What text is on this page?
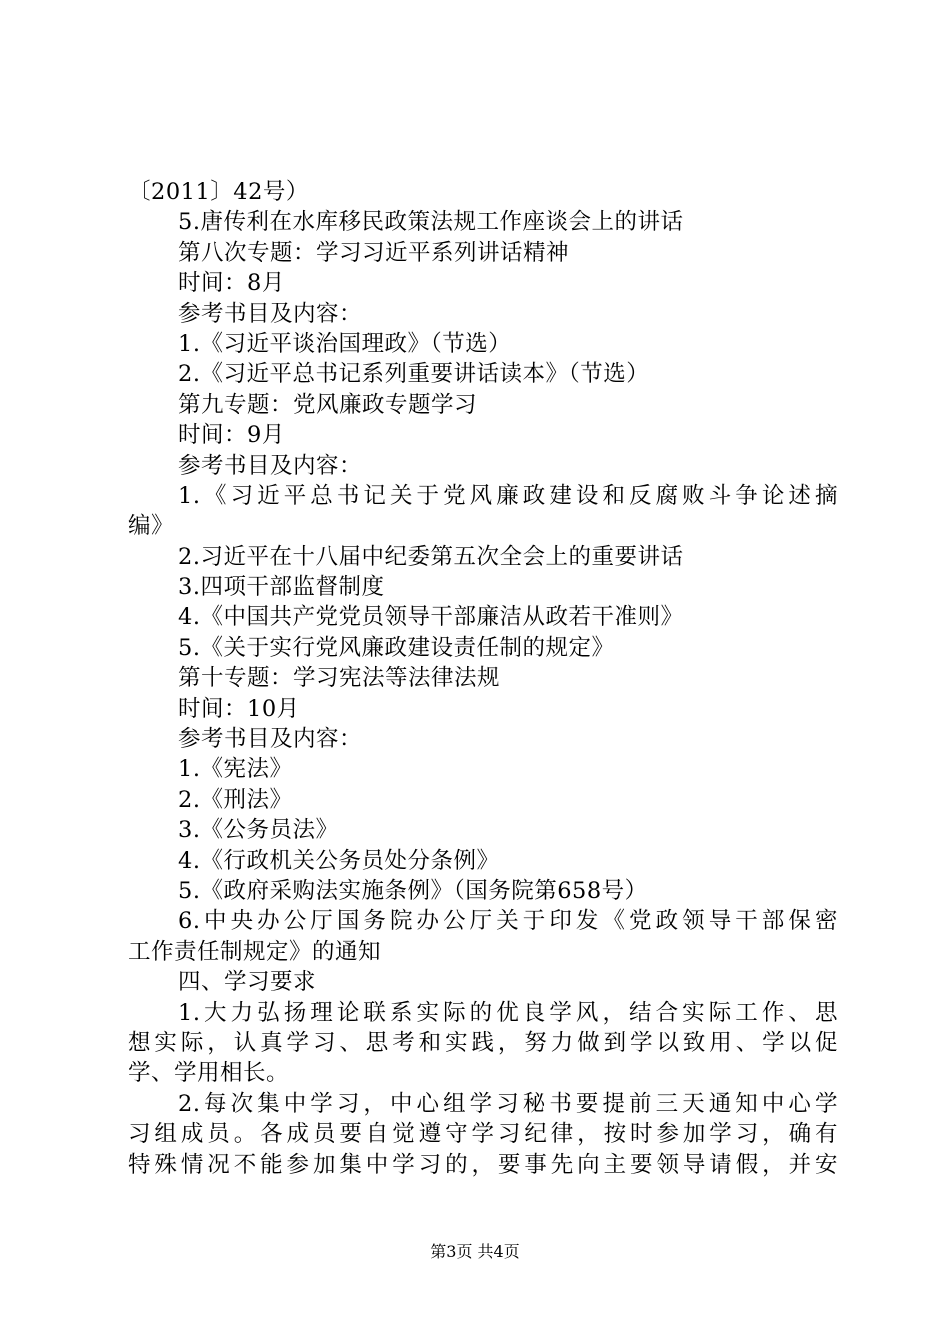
〔2011〕42号）
5.唐传利在水库移民政策法规工作座谈会上的讲话
第八次专题：学习习近平系列讲话精神
时间：8月
参考书目及内容：
1.《习近平谈治国理政》（节选）
2.《习近平总书记系列重要讲话读本》（节选）
第九专题：党风廉政专题学习
时间：9月
参考书目及内容：
1.《习近平总书记关于党风廉政建设和反腐败斗争论述摘
编》
2.习近平在十八届中纪委第五次全会上的重要讲话
3.四项干部监督制度
4.《中国共产党党员领导干部廉洁从政若干准则》
5.《关于实行党风廉政建设责任制的规定》
第十专题：学习宪法等法律法规
时间：10月
参考书目及内容：
1.《宪法》
2.《刑法》
3.《公务员法》
4.《行政机关公务员处分条例》
5.《政府采购法实施条例》（国务院第658号）
6.中央办公厅国务院办公厅关于印发《党政领导干部保密
工作责任制规定》的通知
四、学习要求
1.大力弘扬理论联系实际的优良学风，结合实际工作、思
想实际，认真学习、思考和实践，努力做到学以致用、学以促
学、学用相长。
2.每次集中学习，中心组学习秘书要提前三天通知中心学
习组成员。各成员要自觉遵守学习纪律，按时参加学习，确有
特殊情况不能参加集中学习的，要事先向主要领导请假，并安
第3页 共4页
